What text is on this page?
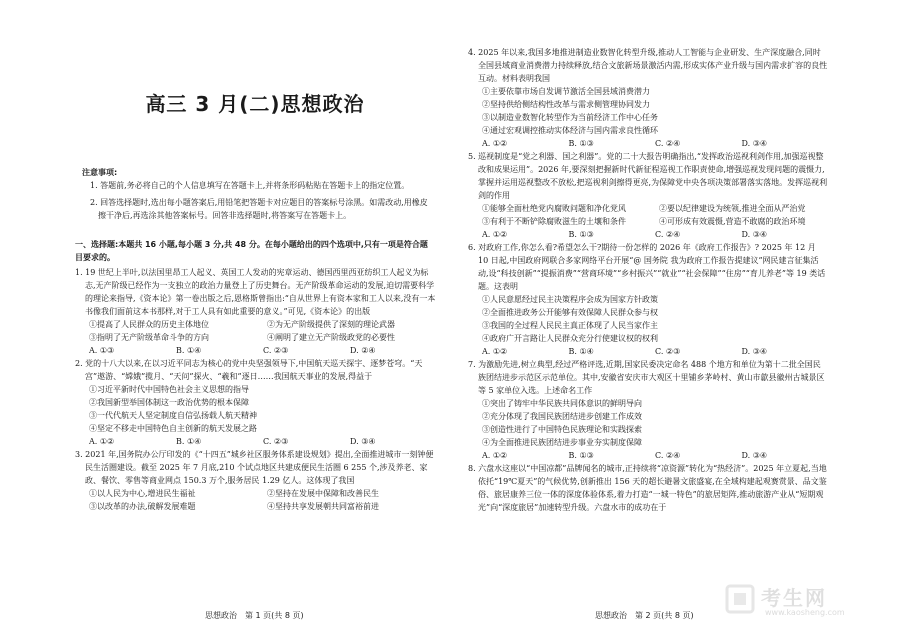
高三 3 月(二)思想政治
注意事项:
1. 答题前,务必将自己的个人信息填写在答题卡上,并将条形码粘贴在答题卡上的指定位置。
2. 回答选择题时,选出每小题答案后,用铅笔把答题卡对应题目的答案标号涂黑。如需改动,用橡皮擦干净后,再选涂其他答案标号。回答非选择题时,将答案写在答题卡上。
一、选择题:本题共 16 小题,每小题 3 分,共 48 分。在每小题给出的四个选项中,只有一项是符合题目要求的。
1. 19 世纪上半叶,以法国里昂工人起义、英国工人发动的宪章运动、德国西里西亚纺织工人起义为标志,无产阶级已经作为一支独立的政治力量登上了历史舞台。无产阶级革命运动的发展,迫切需要科学的理论来指导,《资本论》第一卷出版之后,恩格斯曾指出:“自从世界上有资本家和工人以来,没有一本书像我们面前这本书那样,对于工人具有如此重要的意义。”可见,《资本论》的出版
①提高了人民群众的历史主体地位	②为无产阶级提供了深刻的理论武器
③指明了无产阶级革命斗争的方向	④阐明了建立无产阶级政党的必要性
A. ①③	B. ①④	C. ②③	D. ②④
2. 党的十八大以来,在以习近平同志为核心的党中央坚强领导下,中国航天巡天探宇、逐梦苍穹。“天宫”遨游、“嫦娥”揽月、“天问”探火、“羲和”逐日……我国航天事业的发展,得益于
①习近平新时代中国特色社会主义思想的指导
②我国新型举国体制这一政治优势的根本保障
③一代代航天人坚定制度自信弘扬载人航天精神
④坚定不移走中国特色自主创新的航天发展之路
A. ①②	B. ①④	C. ②③	D. ③④
3. 2021 年,国务院办公厅印发的《“十四五”城乡社区服务体系建设规划》提出,全面推进城市一刻钟便民生活圈建设。截至 2025 年 7 月底,210 个试点地区共建成便民生活圈 6 255 个,涉及养老、家政、餐饮、零售等商业网点 150.3 万个,服务居民 1.29 亿人。这体现了我国
①以人民为中心,增进民生福祉	②坚持在发展中保障和改善民生
③以改革的办法,破解发展难题	④坚持共享发展朝共同富裕前进
4. 2025 年以来,我国多地推进制造业数智化转型升级,推动人工智能与企业研发、生产深度融合,同时全国县域商业消费潜力持续释放,结合文旅新场景激活内需,形成实体产业升级与国内需求扩容的良性互动。材料表明我国
①主要依靠市场自发调节激活全国县域消费潜力
②坚持供给侧结构性改革与需求侧管理协同发力
③以制造业数智化转型作为当前经济工作中心任务
④通过宏观调控推动实体经济与国内需求良性循环
A. ①②	B. ①③	C. ②④	D. ③④
5. 巡视制度是“党之利器、国之利器”。党的二十大报告明确指出,“发挥政治巡视利剑作用,加强巡视整改和成果运用”。2026 年,要深刻把握新时代新征程巡视工作职责使命,增强巡视发现问题的震慑力,掌握并运用巡视整改不放松,把巡视利剑擦得更亮,为保障党中央各项决策部署落实落地。发挥巡视利剑的作用
①能够全面杜绝党内腐败问题和净化党风	②要以纪律建设为统领,推进全面从严治党
③有利于不断铲除腐败滋生的土壤和条件	④可形成有效震慑,营造不敢腐的政治环境
A. ①②	B. ①③	C. ②④	D. ③④
6. 对政府工作,你怎么看?希望怎么干?期待一份怎样的 2026 年《政府工作报告》? 2025 年 12 月 10 日起,中国政府网联合多家网络平台开展“@ 国务院 我为政府工作报告提建议”网民建言征集活动,设“科技创新”“提振消费”“营商环境”“乡村振兴”“就业”“社会保障”“住房”“育儿养老”等 19 类话题。这表明
①人民意愿经过民主决策程序会成为国家方针政策
②全面推进政务公开能够有效保障人民群众参与权
③我国的全过程人民民主真正体现了人民当家作主
④政府广开言路让人民群众充分行使建议权的权利
A. ①②	B. ①④	C. ②③	D. ③④
7. 为激励先进,树立典型,经过严格评选,近期,国家民委决定命名 488 个地方和单位为第十二批全国民族团结进步示范区示范单位。其中,安徽省安庆市大观区十里铺乡茅岭村、黄山市歙县徽州古城景区等 5 家单位入选。上述命名工作
①突出了铸牢中华民族共同体意识的鲜明导向
②充分体现了我国民族团结进步创建工作成效
③创造性进行了中国特色民族理论和实践探索
④为全面推进民族团结进步事业夯实制度保障
A. ①②	B. ①③	C. ②④	D. ③④
8. 六盘水这座以“中国凉都”品牌闻名的城市,正持续将“凉资源”转化为“热经济”。2025 年立夏起,当地依托“19℃夏天”的气候优势,创新推出 156 天的超长避暑文旅盛宴,在全域构建起观赛赏景、品文鉴俗、旅居康养三位一体的深度体验体系,着力打造“一城一特色”的旅居矩阵,推动旅游产业从“短期观光”向“深度旅居”加速转型升级。六盘水市的成功在于
思想政治　第 1 页(共 8 页)	思想政治　第 2 页(共 8 页)
考生网
www.kaosheng.com
